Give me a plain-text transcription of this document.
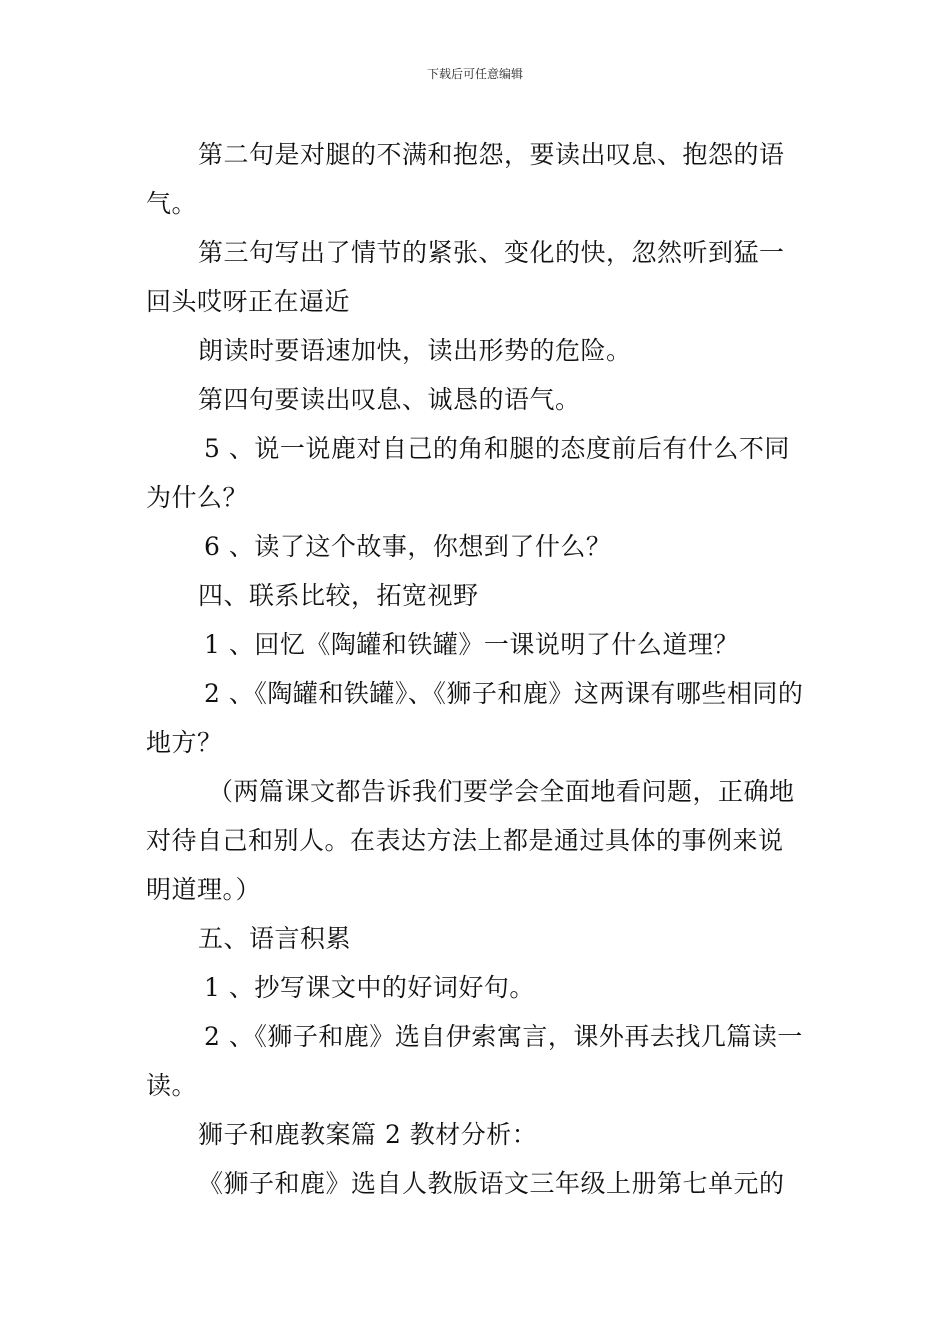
下载后可任意编辑

第二句是对腿的不满和抱怨，要读出叹息、抱怨的语气。

第三句写出了情节的紧张、变化的快，忽然听到猛一回头哎呀正在逼近

朗读时要语速加快，读出形势的危险。

第四句要读出叹息、诚恳的语气。

5 、说一说鹿对自己的角和腿的态度前后有什么不同为什么？

6 、读了这个故事，你想到了什么？

四、联系比较，拓宽视野

1 、回忆《陶罐和铁罐》一课说明了什么道理？

2 、《陶罐和铁罐》、《狮子和鹿》这两课有哪些相同的地方？

（两篇课文都告诉我们要学会全面地看问题，正确地对待自己和别人。在表达方法上都是通过具体的事例来说明道理。）

五、语言积累

1 、抄写课文中的好词好句。

2 、《狮子和鹿》选自伊索寓言，课外再去找几篇读一读。

狮子和鹿教案篇 2 教材分析：

《狮子和鹿》选自人教版语文三年级上册第七单元的
